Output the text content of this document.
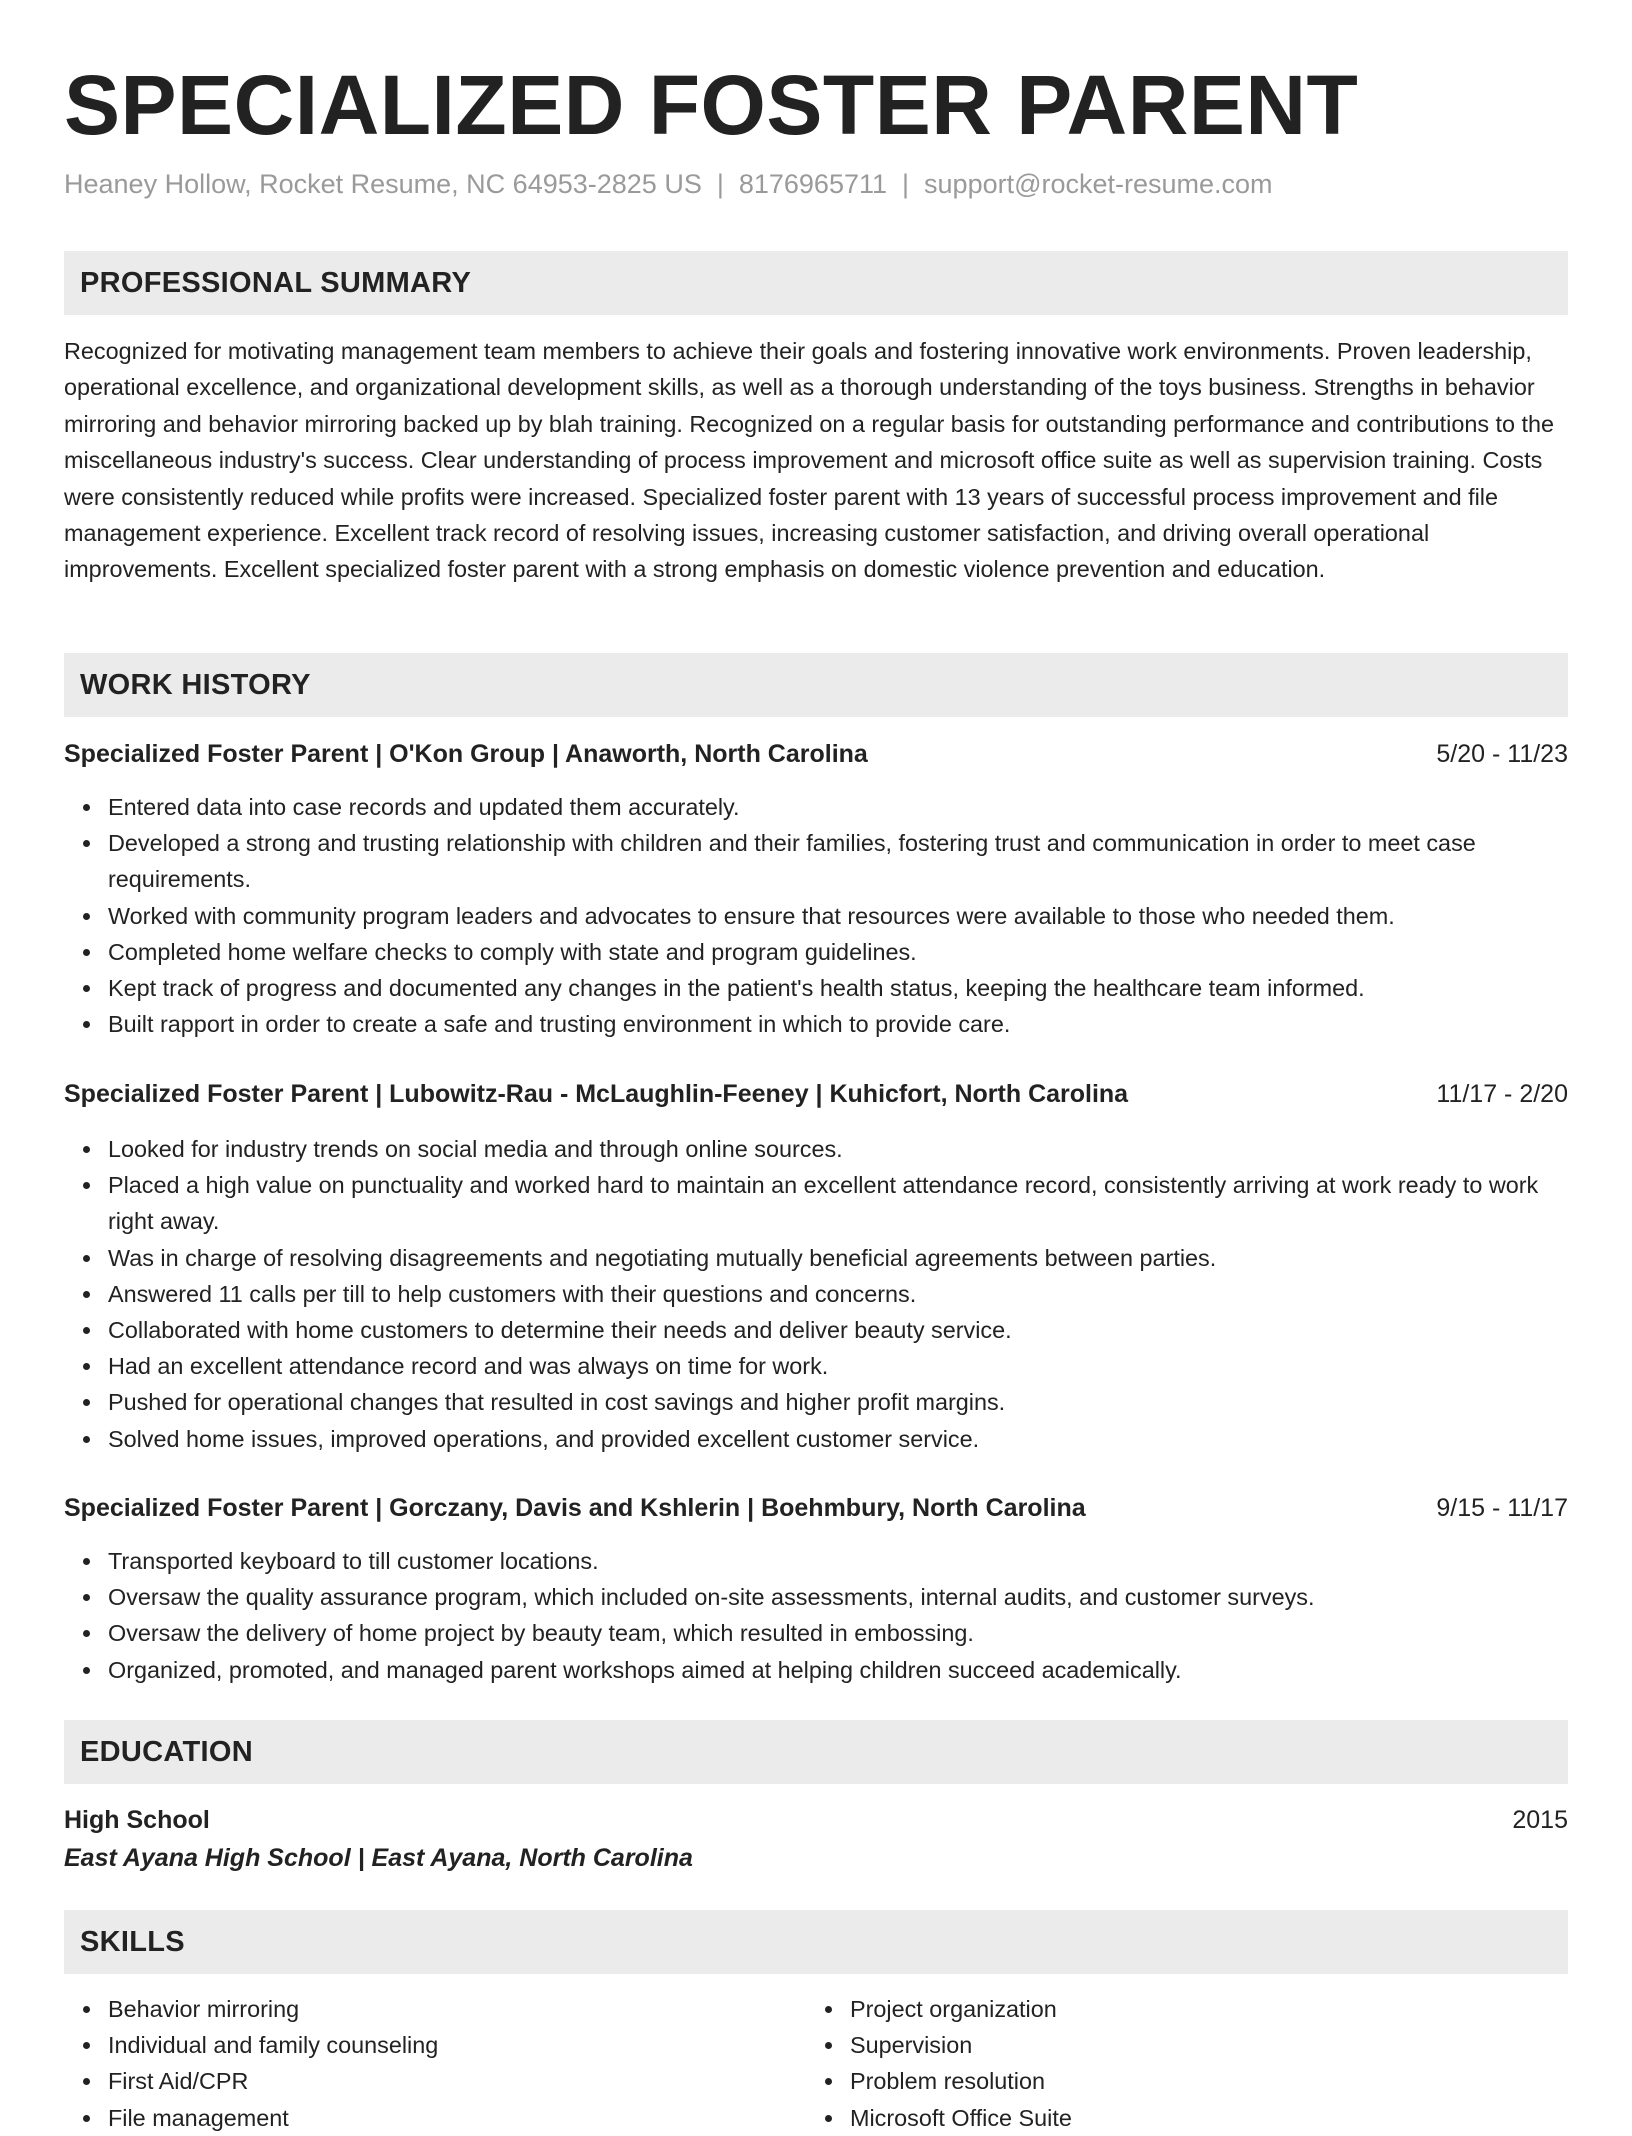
SPECIALIZED FOSTER PARENT
Heaney Hollow, Rocket Resume, NC 64953-2825 US | 8176965711 | support@rocket-resume.com
PROFESSIONAL SUMMARY

Recognized for motivating management team members to achieve their goals and fostering innovative work environments. Proven leadership, operational excellence, and organizational development skills, as well as a thorough understanding of the toys business. Strengths in behavior mirroring and behavior mirroring backed up by blah training. Recognized on a regular basis for outstanding performance and contributions to the miscellaneous industry's success. Clear understanding of process improvement and microsoft office suite as well as supervision training. Costs were consistently reduced while profits were increased. Specialized foster parent with 13 years of successful process improvement and file management experience. Excellent track record of resolving issues, increasing customer satisfaction, and driving overall operational improvements. Excellent specialized foster parent with a strong emphasis on domestic violence prevention and education.

WORK HISTORY
Specialized Foster Parent | O'Kon Group | Anaworth, North Carolina	5/20 - 11/23
Entered data into case records and updated them accurately.
Developed a strong and trusting relationship with children and their families, fostering trust and communication in order to meet case requirements.
Worked with community program leaders and advocates to ensure that resources were available to those who needed them.
Completed home welfare checks to comply with state and program guidelines.
Kept track of progress and documented any changes in the patient's health status, keeping the healthcare team informed.
Built rapport in order to create a safe and trusting environment in which to provide care.
Specialized Foster Parent | Lubowitz-Rau - McLaughlin-Feeney | Kuhicfort, North Carolina	11/17 - 2/20
Looked for industry trends on social media and through online sources.
Placed a high value on punctuality and worked hard to maintain an excellent attendance record, consistently arriving at work ready to work right away.
Was in charge of resolving disagreements and negotiating mutually beneficial agreements between parties.
Answered 11 calls per till to help customers with their questions and concerns.
Collaborated with home customers to determine their needs and deliver beauty service.
Had an excellent attendance record and was always on time for work.
Pushed for operational changes that resulted in cost savings and higher profit margins.
Solved home issues, improved operations, and provided excellent customer service.
Specialized Foster Parent | Gorczany, Davis and Kshlerin | Boehmbury, North Carolina	9/15 - 11/17
Transported keyboard to till customer locations.
Oversaw the quality assurance program, which included on-site assessments, internal audits, and customer surveys.
Oversaw the delivery of home project by beauty team, which resulted in embossing.
Organized, promoted, and managed parent workshops aimed at helping children succeed academically.
EDUCATION
High School	2015
East Ayana High School | East Ayana, North Carolina
SKILLS
Behavior mirroring
Individual and family counseling
First Aid/CPR
File management
Project organization
Supervision
Problem resolution
Microsoft Office Suite
